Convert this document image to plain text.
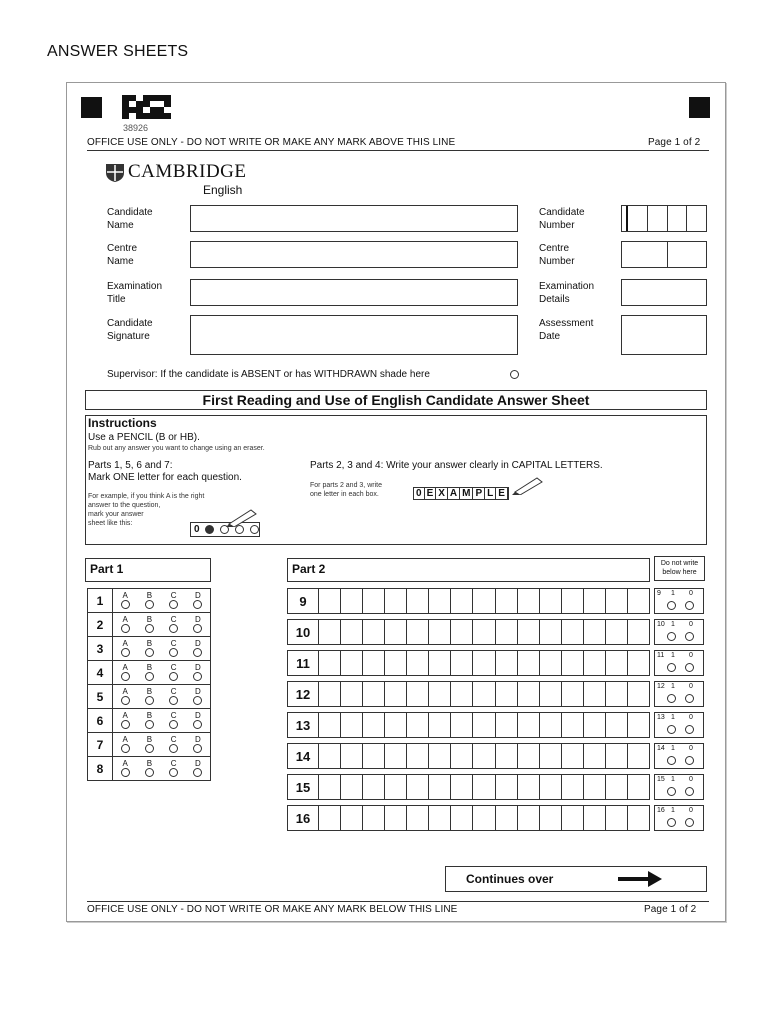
ANSWER SHEETS
38926
OFFICE USE ONLY - DO NOT WRITE OR MAKE ANY MARK ABOVE THIS LINE	Page 1 of 2
CAMBRIDGE
English
Candidate
Name
Centre
Name
Examination
Title
Candidate
Signature
Candidate
Number
Centre
Number
Examination
Details
Assessment
Date
Supervisor: If the candidate is ABSENT or has WITHDRAWN shade here
First Reading and Use of English Candidate Answer Sheet
Instructions
Use a PENCIL (B or HB).
Rub out any answer you want to change using an eraser.
Parts 1, 5, 6 and 7:
Mark ONE letter for each question.
For example, if you think A is the right
answer to the question,
mark your answer
sheet like this:
0
Parts 2, 3 and 4: Write your answer clearly in CAPITAL LETTERS.
For parts 2 and 3, write
one letter in each box.	0 E X A M P L E
Part 1
1	A B C D
2	A B C D
3	A B C D
4	A B C D
5	A B C D
6	A B C D
7	A B C D
8	A B C D
Part 2	Do not write
below here
9
10
11
12
13
14
15
16
9 1 0
10 1 0
11 1 0
12 1 0
13 1 0
14 1 0
15 1 0
16 1 0
Continues over
OFFICE USE ONLY - DO NOT WRITE OR MAKE ANY MARK BELOW THIS LINE	Page 1 of 2
